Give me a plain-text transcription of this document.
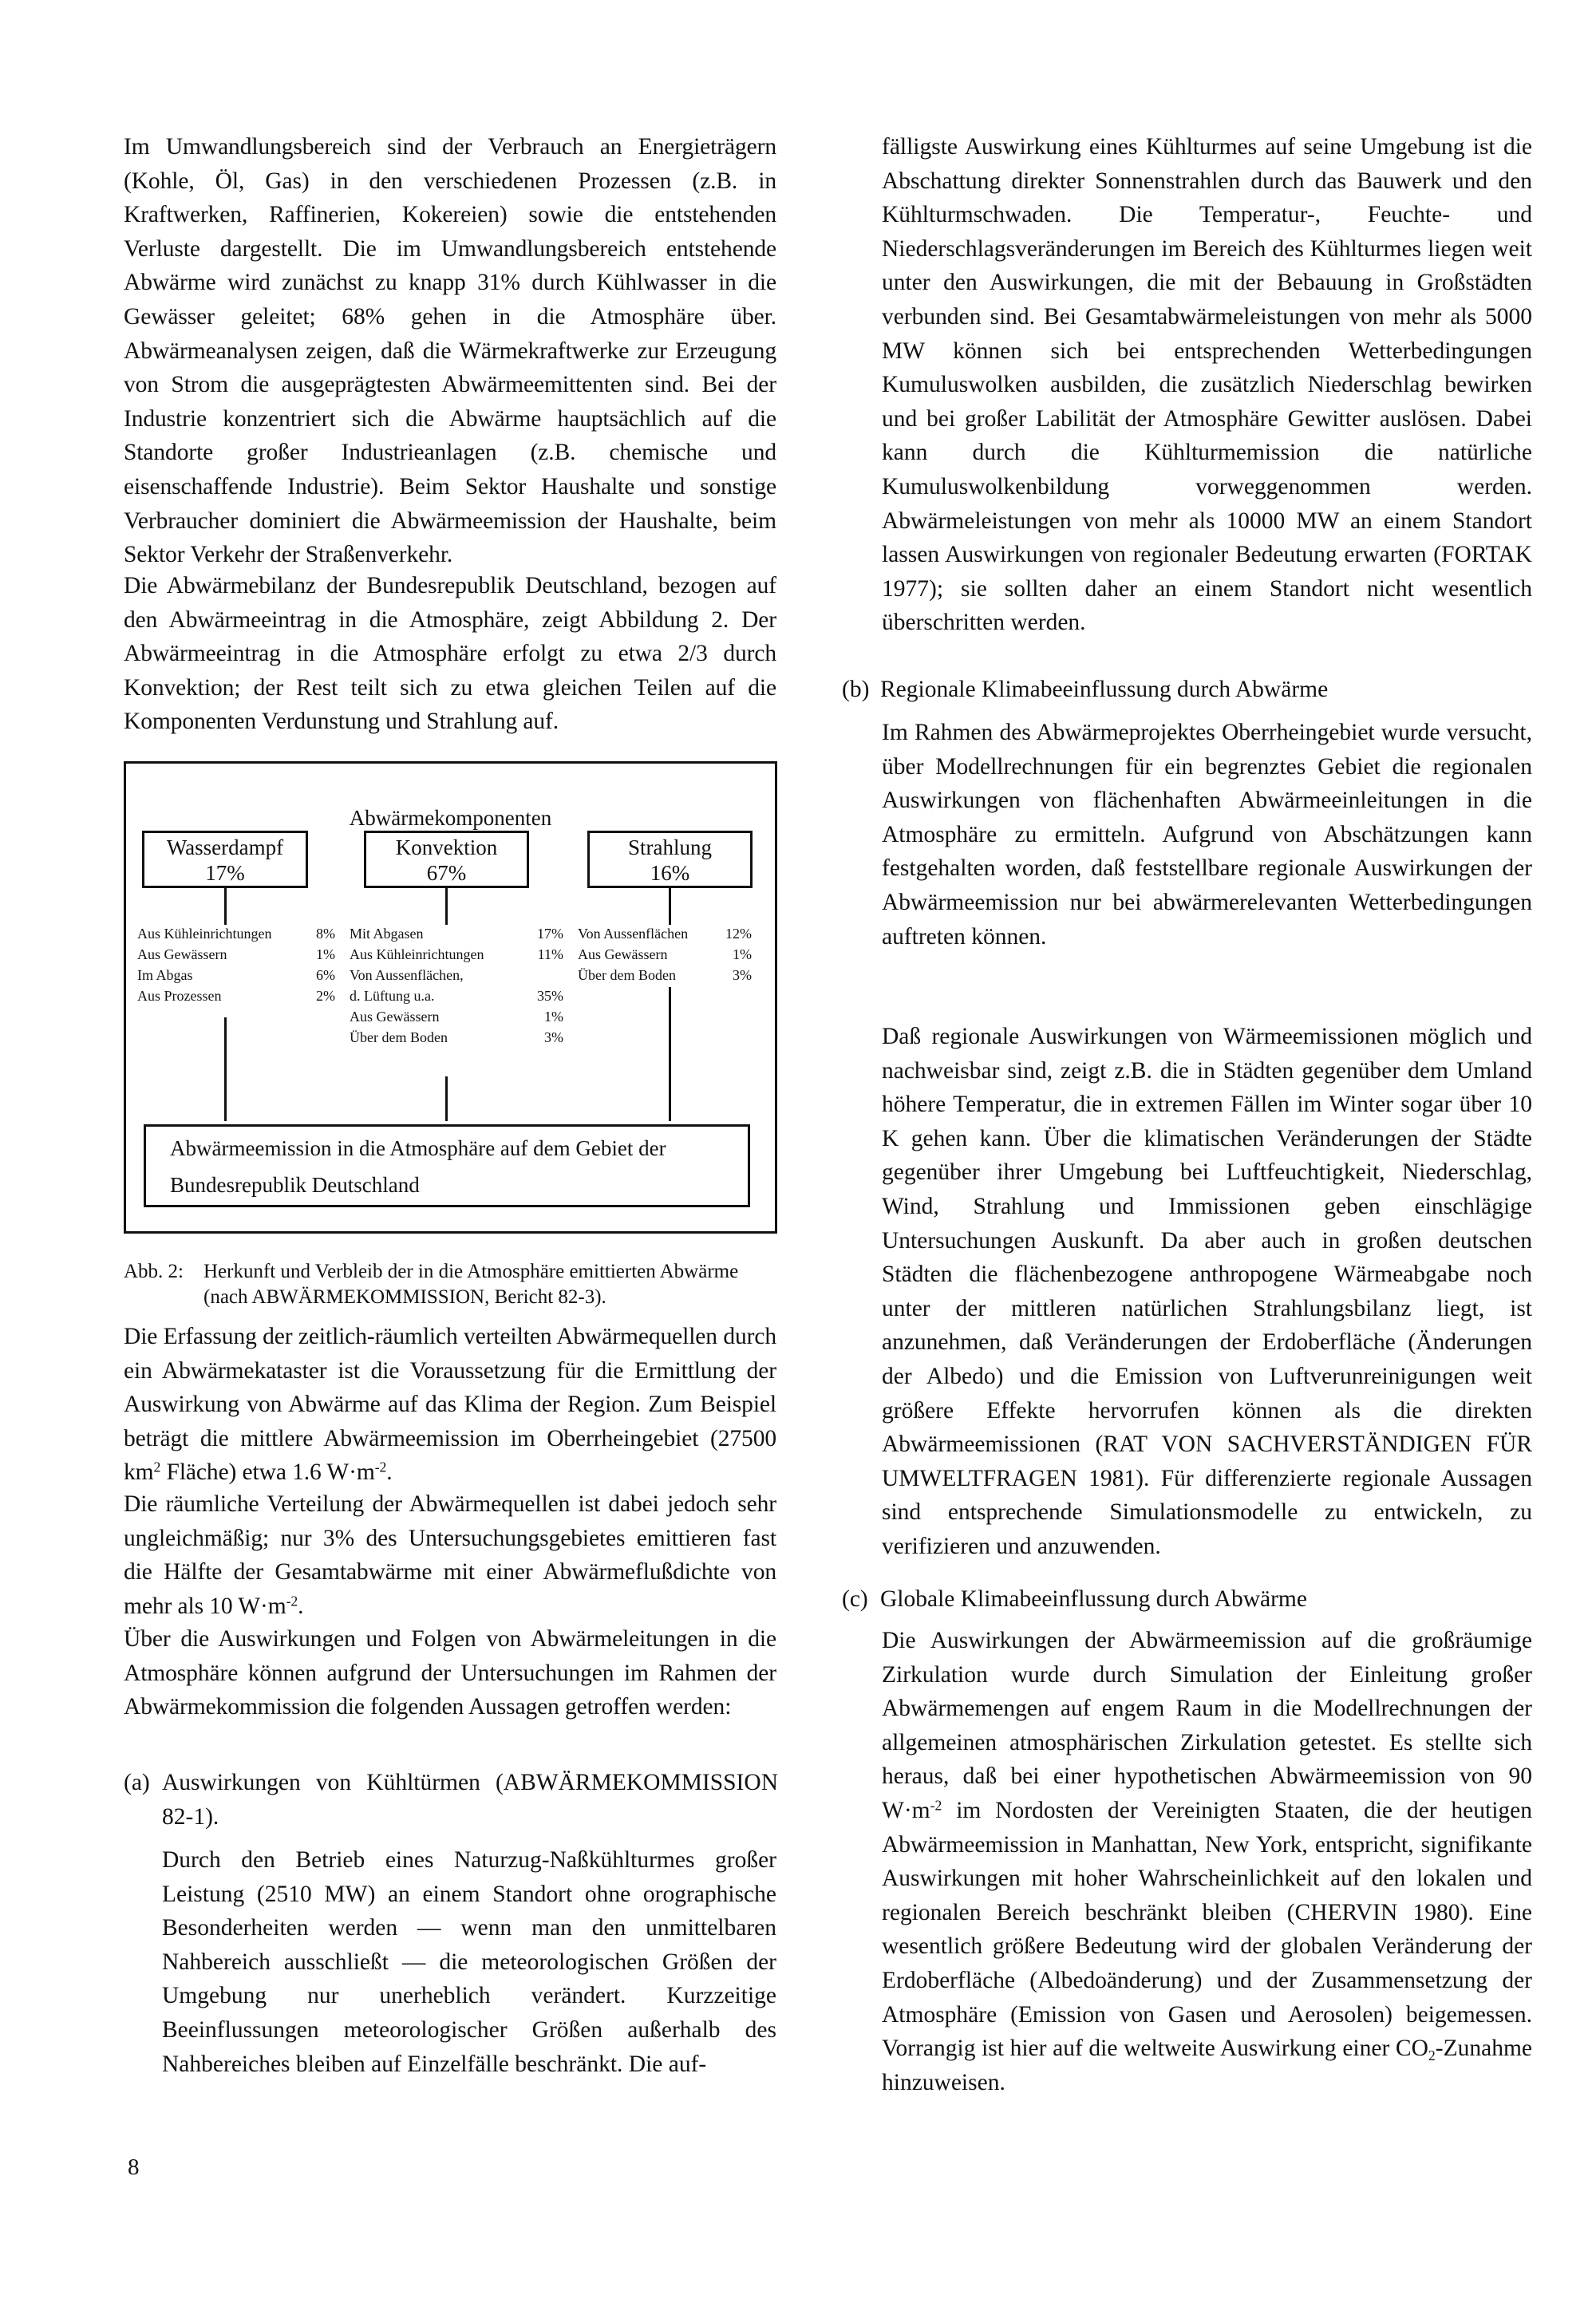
Im Umwandlungsbereich sind der Verbrauch an Energieträgern (Kohle, Öl, Gas) in den verschiedenen Prozessen (z.B. in Kraftwerken, Raffinerien, Kokereien) sowie die entstehenden Verluste dargestellt. Die im Umwandlungsbereich entstehende Abwärme wird zunächst zu knapp 31% durch Kühlwasser in die Gewässer geleitet; 68% gehen in die Atmosphäre über. Abwärmeanalysen zeigen, daß die Wärmekraftwerke zur Erzeugung von Strom die ausgeprägtesten Abwärmeemittenten sind. Bei der Industrie konzentriert sich die Abwärme hauptsächlich auf die Standorte großer Industrieanlagen (z.B. chemische und eisenschaffende Industrie). Beim Sektor Haushalte und sonstige Verbraucher dominiert die Abwärmeemission der Haushalte, beim Sektor Verkehr der Straßenverkehr.

Die Abwärmebilanz der Bundesrepublik Deutschland, bezogen auf den Abwärmeeintrag in die Atmosphäre, zeigt Abbildung 2. Der Abwärmeeintrag in die Atmosphäre erfolgt zu etwa 2/3 durch Konvektion; der Rest teilt sich zu etwa gleichen Teilen auf die Komponenten Verdunstung und Strahlung auf.

Abwärmekomponenten
Wasserdampf
17%
Konvektion
67%
Strahlung
16%
Aus Kühleinrichtungen	8%
Aus Gewässern	1%
Im Abgas	6%
Aus Prozessen	2%
Mit Abgasen	17%
Aus Kühleinrichtungen	11%
Von Aussenflächen,
d. Lüftung u.a.	35%
Aus Gewässern	1%
Über dem Boden	3%
Von Aussenflächen	12%
Aus Gewässern	1%
Über dem Boden	3%
Abwärmeemission in die Atmosphäre auf dem Gebiet der Bundesrepublik Deutschland
Abb. 2: Herkunft und Verbleib der in die Atmosphäre emittierten Abwärme (nach ABWÄRMEKOMMISSION, Bericht 82-3).

Die Erfassung der zeitlich-räumlich verteilten Abwärmequellen durch ein Abwärmekataster ist die Voraussetzung für die Ermittlung der Auswirkung von Abwärme auf das Klima der Region. Zum Beispiel beträgt die mittlere Abwärmeemission im Oberrheingebiet (27500 $km^2$ Fläche) etwa 1.6 $W\cdot m^{-2}$.

Die räumliche Verteilung der Abwärmequellen ist dabei jedoch sehr ungleichmäßig; nur 3% des Untersuchungsgebietes emittieren fast die Hälfte der Gesamtabwärme mit einer Abwärmeflußdichte von mehr als 10 $W\cdot m^{-2}$.

Über die Auswirkungen und Folgen von Abwärmeleitungen in die Atmosphäre können aufgrund der Untersuchungen im Rahmen der Abwärmekommission die folgenden Aussagen getroffen werden:

(a) Auswirkungen von Kühltürmen (ABWÄRMEKOMMISSION 82-1).

Durch den Betrieb eines Naturzug-Naßkühlturmes großer Leistung (2510 MW) an einem Standort ohne orographische Besonderheiten werden — wenn man den unmittelbaren Nahbereich ausschließt — die meteorologischen Größen der Umgebung nur unerheblich verändert. Kurzzeitige Beeinflussungen meteorologischer Größen außerhalb des Nahbereiches bleiben auf Einzelfälle beschränkt. Die auf-

8

fälligste Auswirkung eines Kühlturmes auf seine Umgebung ist die Abschattung direkter Sonnenstrahlen durch das Bauwerk und den Kühlturmschwaden. Die Temperatur-, Feuchte- und Niederschlagsveränderungen im Bereich des Kühlturmes liegen weit unter den Auswirkungen, die mit der Bebauung in Großstädten verbunden sind. Bei Gesamtabwärmeleistungen von mehr als 5000 MW können sich bei entsprechenden Wetterbedingungen Kumuluswolken ausbilden, die zusätzlich Niederschlag bewirken und bei großer Labilität der Atmosphäre Gewitter auslösen. Dabei kann durch die Kühlturmemission die natürliche Kumuluswolkenbildung vorweggenommen werden. Abwärmeleistungen von mehr als 10000 MW an einem Standort lassen Auswirkungen von regionaler Bedeutung erwarten (FORTAK 1977); sie sollten daher an einem Standort nicht wesentlich überschritten werden.

(b) Regionale Klimabeeinflussung durch Abwärme

Im Rahmen des Abwärmeprojektes Oberrheingebiet wurde versucht, über Modellrechnungen für ein begrenztes Gebiet die regionalen Auswirkungen von flächenhaften Abwärmeeinleitungen in die Atmosphäre zu ermitteln. Aufgrund von Abschätzungen kann festgehalten worden, daß feststellbare regionale Auswirkungen der Abwärmeemission nur bei abwärmerelevanten Wetterbedingungen auftreten können.

Daß regionale Auswirkungen von Wärmeemissionen möglich und nachweisbar sind, zeigt z.B. die in Städten gegenüber dem Umland höhere Temperatur, die in extremen Fällen im Winter sogar über 10 K gehen kann. Über die klimatischen Veränderungen der Städte gegenüber ihrer Umgebung bei Luftfeuchtigkeit, Niederschlag, Wind, Strahlung und Immissionen geben einschlägige Untersuchungen Auskunft. Da aber auch in großen deutschen Städten die flächenbezogene anthropogene Wärmeabgabe noch unter der mittleren natürlichen Strahlungsbilanz liegt, ist anzunehmen, daß Veränderungen der Erdoberfläche (Änderungen der Albedo) und die Emission von Luftverunreinigungen weit größere Effekte hervorrufen können als die direkten Abwärmeemissionen (RAT VON SACHVERSTÄNDIGEN FÜR UMWELTFRAGEN 1981). Für differenzierte regionale Aussagen sind entsprechende Simulationsmodelle zu entwickeln, zu verifizieren und anzuwenden.

(c) Globale Klimabeeinflussung durch Abwärme

Die Auswirkungen der Abwärmeemission auf die großräumige Zirkulation wurde durch Simulation der Einleitung großer Abwärmemengen auf engem Raum in die Modellrechnungen der allgemeinen atmosphärischen Zirkulation getestet. Es stellte sich heraus, daß bei einer hypothetischen Abwärmeemission von 90 $W\cdot m^{-2}$ im Nordosten der Vereinigten Staaten, die der heutigen Abwärmeemission in Manhattan, New York, entspricht, signifikante Auswirkungen mit hoher Wahrscheinlichkeit auf den lokalen und regionalen Bereich beschränkt bleiben (CHERVIN 1980). Eine wesentlich größere Bedeutung wird der globalen Veränderung der Erdoberfläche (Albedoänderung) und der Zusammensetzung der Atmosphäre (Emission von Gasen und Aerosolen) beigemessen. Vorrangig ist hier auf die weltweite Auswirkung einer $CO_2$-Zunahme hinzuweisen.
